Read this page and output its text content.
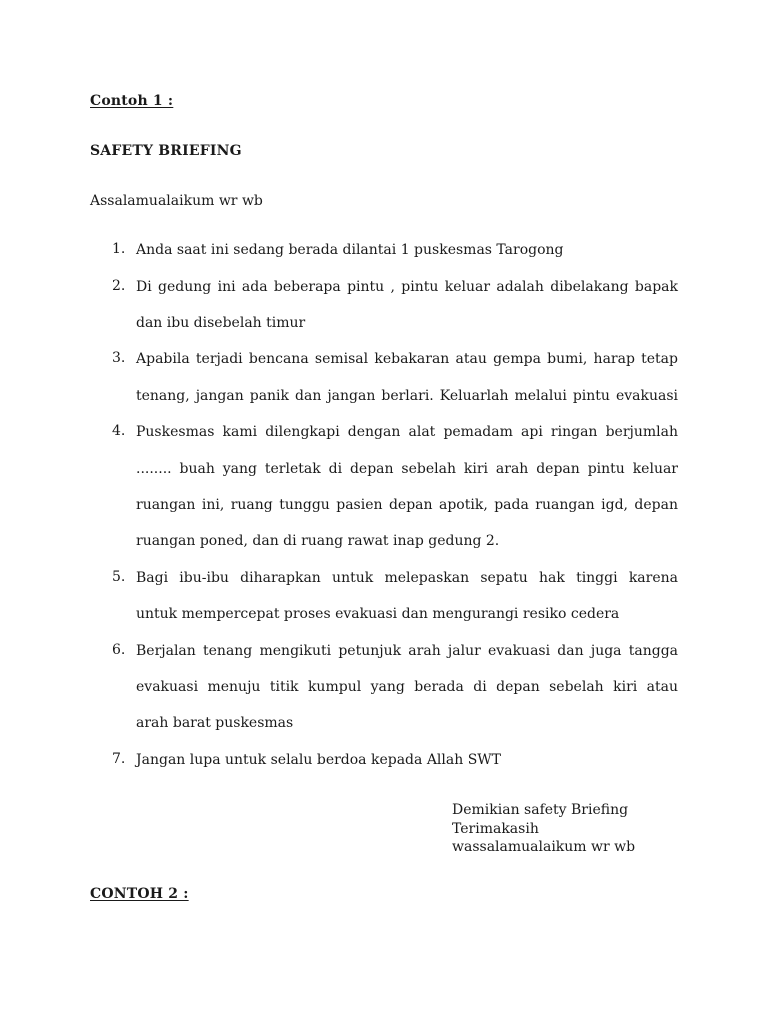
Contoh 1 :
SAFETY BRIEFING
Assalamualaikum wr wb
1. Anda saat ini sedang berada dilantai 1 puskesmas Tarogong
2. Di gedung ini ada beberapa pintu , pintu keluar adalah dibelakang bapak
dan ibu disebelah timur
3. Apabila terjadi bencana semisal kebakaran atau gempa bumi, harap tetap
tenang, jangan panik dan jangan berlari. Keluarlah melalui pintu evakuasi
4. Puskesmas kami dilengkapi dengan alat pemadam api ringan berjumlah
........ buah yang terletak di depan sebelah kiri arah depan pintu keluar
ruangan ini, ruang tunggu pasien depan apotik, pada ruangan igd, depan
ruangan poned, dan di ruang rawat inap gedung 2.
5. Bagi ibu-ibu diharapkan untuk melepaskan sepatu hak tinggi karena
untuk mempercepat proses evakuasi dan mengurangi resiko cedera
6. Berjalan tenang mengikuti petunjuk arah jalur evakuasi dan juga tangga
evakuasi menuju titik kumpul yang berada di depan sebelah kiri atau
arah barat puskesmas
7. Jangan lupa untuk selalu berdoa kepada Allah SWT
Demikian safety Briefing
Terimakasih
wassalamualaikum wr wb
CONTOH 2 :
